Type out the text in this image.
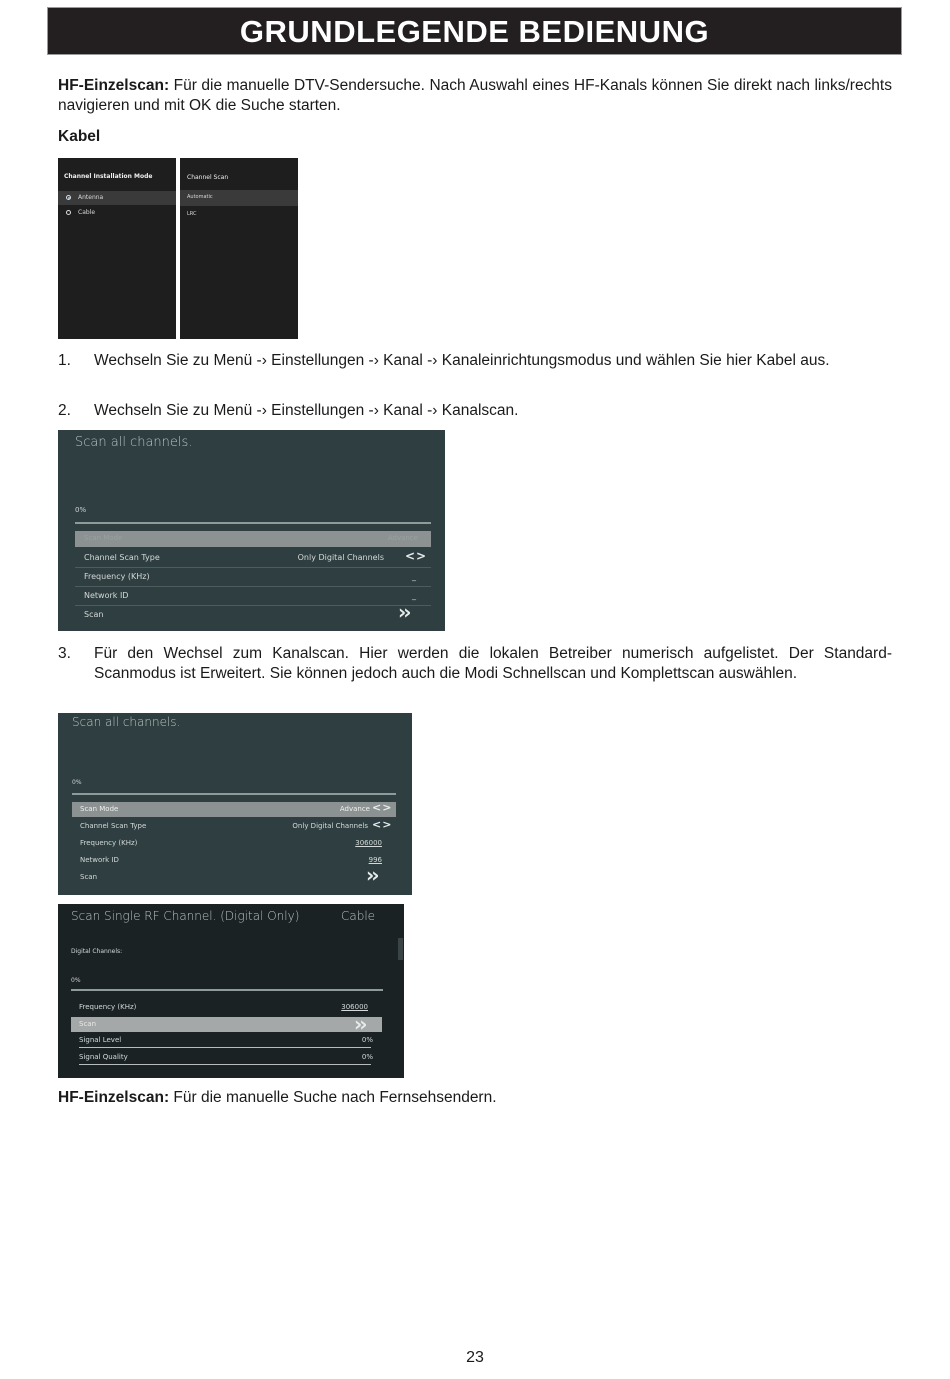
GRUNDLEGENDE BEDIENUNG
HF-Einzelscan: Für die manuelle DTV-Sendersuche. Nach Auswahl eines HF-Kanals können Sie direkt nach links/rechts navigieren und mit OK die Suche starten.
Kabel
Channel Installation Mode
Antenna
Cable
Channel Scan
Automatic
LRC
1. Wechseln Sie zu Menü -› Einstellungen -› Kanal -› Kanaleinrichtungsmodus und wählen Sie hier Kabel aus.
2. Wechseln Sie zu Menü -› Einstellungen -› Kanal -› Kanalscan.
Scan all channels.
0%
Scan Mode	Advance
Channel Scan Type	Only Digital Channels <>
Frequency (KHz)	_
Network ID	_
Scan	››
3. Für den Wechsel zum Kanalscan. Hier werden die lokalen Betreiber numerisch aufgelistet. Der Standard-Scanmodus ist Erweitert. Sie können jedoch auch die Modi Schnellscan und Komplettscan auswählen.
Scan all channels.
0%
Scan Mode	Advance <>
Channel Scan Type	Only Digital Channels <>
Frequency (KHz)	306000
Network ID	996
Scan	››
Scan Single RF Channel. (Digital Only)	Cable
Digital Channels:
0%
Frequency (KHz)	306000
Scan	››
Signal Level	0%
Signal Quality	0%
HF-Einzelscan: Für die manuelle Suche nach Fernsehsendern.
23
